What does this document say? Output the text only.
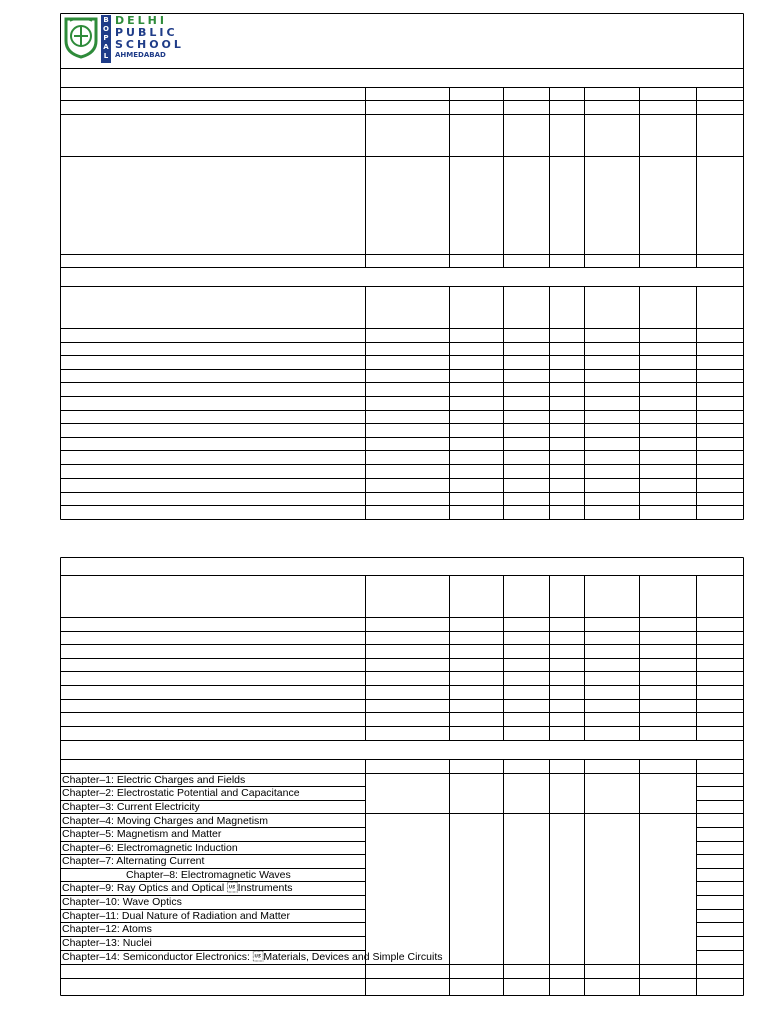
B
O
P
A
L
DELHI
PUBLIC
SCHOOL
AHMEDABAD
Chapter–1: Electric Charges and Fields
Chapter–2: Electrostatic Potential and Capacitance
Chapter–3: Current Electricity
Chapter–4: Moving Charges and Magnetism
Chapter–5: Magnetism and Matter
Chapter–6: Electromagnetic Induction
Chapter–7: Alternating Current
Chapter–8: Electromagnetic Waves
Chapter–9: Ray Optics and Optical Instruments
Chapter–10: Wave Optics
Chapter–11: Dual Nature of Radiation and Matter
Chapter–12: Atoms
Chapter–13: Nuclei
Chapter–14: Semiconductor Electronics: Materials, Devices and Simple Circuits
